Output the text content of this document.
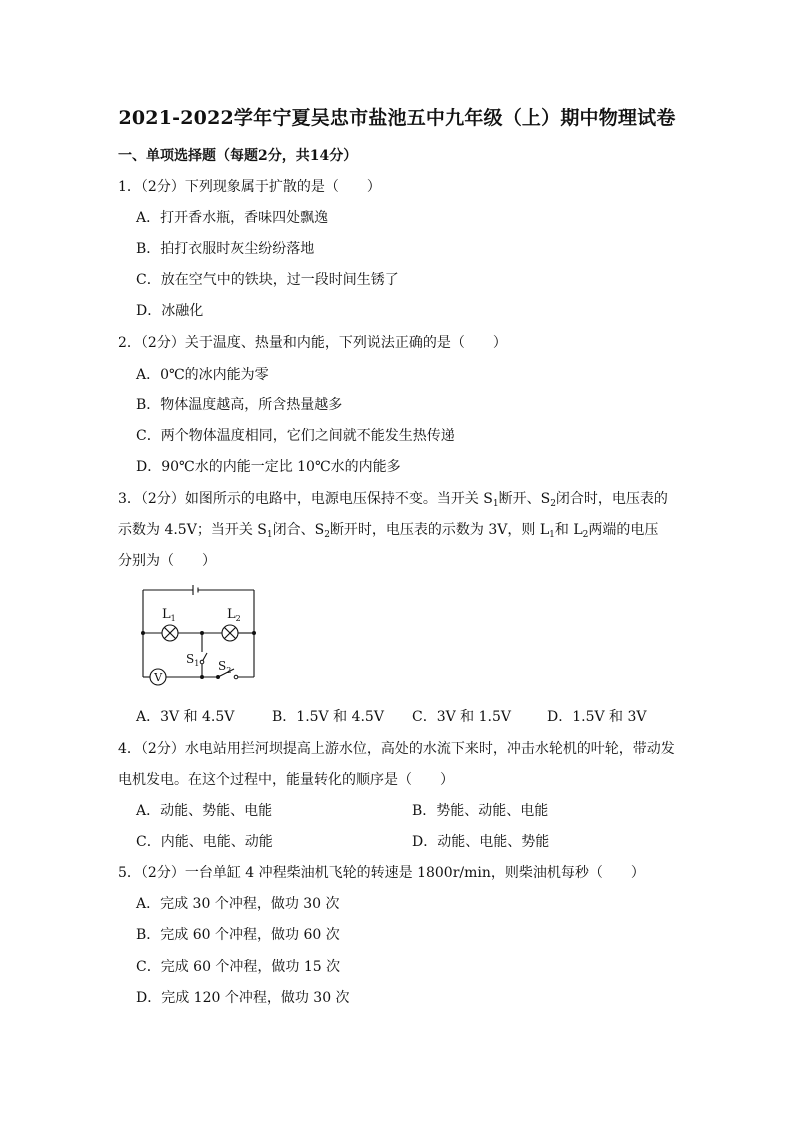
2021-2022学年宁夏吴忠市盐池五中九年级（上）期中物理试卷
一、单项选择题（每题2分，共14分）
1．（2分）下列现象属于扩散的是（　　）
A．打开香水瓶，香味四处飘逸
B．拍打衣服时灰尘纷纷落地
C．放在空气中的铁块，过一段时间生锈了
D．冰融化
2．（2分）关于温度、热量和内能，下列说法正确的是（　　）
A．0℃的冰内能为零
B．物体温度越高，所含热量越多
C．两个物体温度相同，它们之间就不能发生热传递
D．90℃水的内能一定比 10℃水的内能多
3．（2分）如图所示的电路中，电源电压保持不变。当开关 $S_1$断开、$S_2$闭合时，电压表的
示数为 4.5V；当开关 $S_1$闭合、$S_2$断开时，电压表的示数为 3V，则 $L_1$和 $L_2$两端的电压
分别为（　　）
$L_1$	$L_2$
$S_1$ $S_2$
V
A．3V 和 4.5V	B．1.5V 和 4.5V C．3V 和 1.5V	D．1.5V 和 3V
4．（2分）水电站用拦河坝提高上游水位，高处的水流下来时，冲击水轮机的叶轮，带动发
电机发电。在这个过程中，能量转化的顺序是（　　）
A．动能、势能、电能	B．势能、动能、电能
C．内能、电能、动能	D．动能、电能、势能
5．（2分）一台单缸 4 冲程柴油机飞轮的转速是 1800r/min，则柴油机每秒（　　）
A．完成 30 个冲程，做功 30 次
B．完成 60 个冲程，做功 60 次
C．完成 60 个冲程，做功 15 次
D．完成 120 个冲程，做功 30 次
